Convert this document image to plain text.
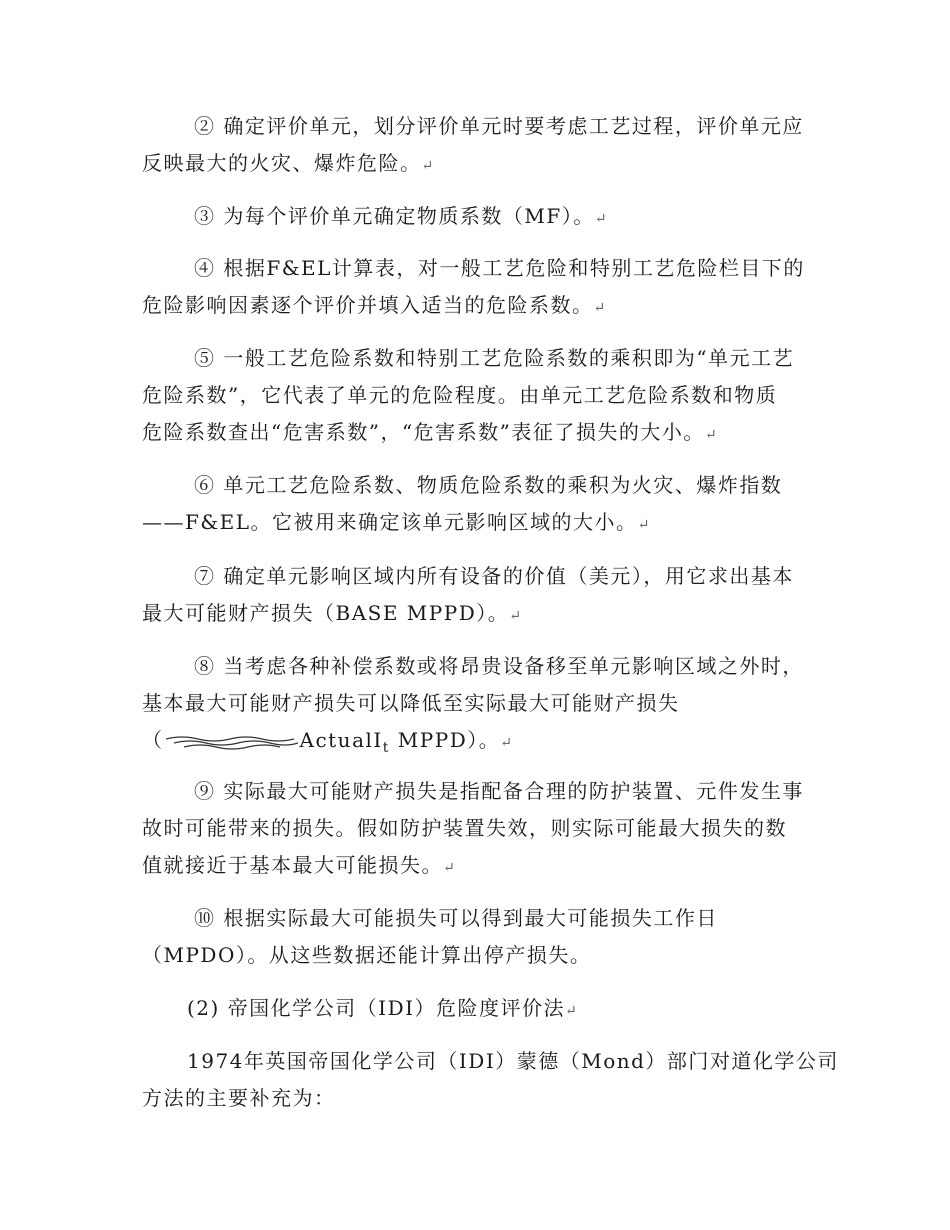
② 确定评价单元，划分评价单元时要考虑工艺过程，评价单元应
反映最大的火灾、爆炸危险。↵

③ 为每个评价单元确定物质系数（MF）。↵

④ 根据F&EL计算表，对一般工艺危险和特别工艺危险栏目下的
危险影响因素逐个评价并填入适当的危险系数。↵

⑤ 一般工艺危险系数和特别工艺危险系数的乘积即为“单元工艺
危险系数”，它代表了单元的危险程度。由单元工艺危险系数和物质
危险系数查出“危害系数”，“危害系数”表征了损失的大小。↵

⑥ 单元工艺危险系数、物质危险系数的乘积为火灾、爆炸指数
——F&EL。它被用来确定该单元影响区域的大小。↵

⑦ 确定单元影响区域内所有设备的价值（美元），用它求出基本
最大可能财产损失（BASE MPPD）。↵

⑧ 当考虑各种补偿系数或将昂贵设备移至单元影响区域之外时，
基本最大可能财产损失可以降低至实际最大可能财产损失
（	ActualI$_t$ MPPD）。↵

⑨ 实际最大可能财产损失是指配备合理的防护装置、元件发生事
故时可能带来的损失。假如防护装置失效，则实际可能最大损失的数
值就接近于基本最大可能损失。↵

⑩ 根据实际最大可能损失可以得到最大可能损失工作日
（MPDO）。从这些数据还能计算出停产损失。

(2) 帝国化学公司（IDI）危险度评价法↵

1974年英国帝国化学公司（IDI）蒙德（Mond）部门对道化学公司
方法的主要补充为：
